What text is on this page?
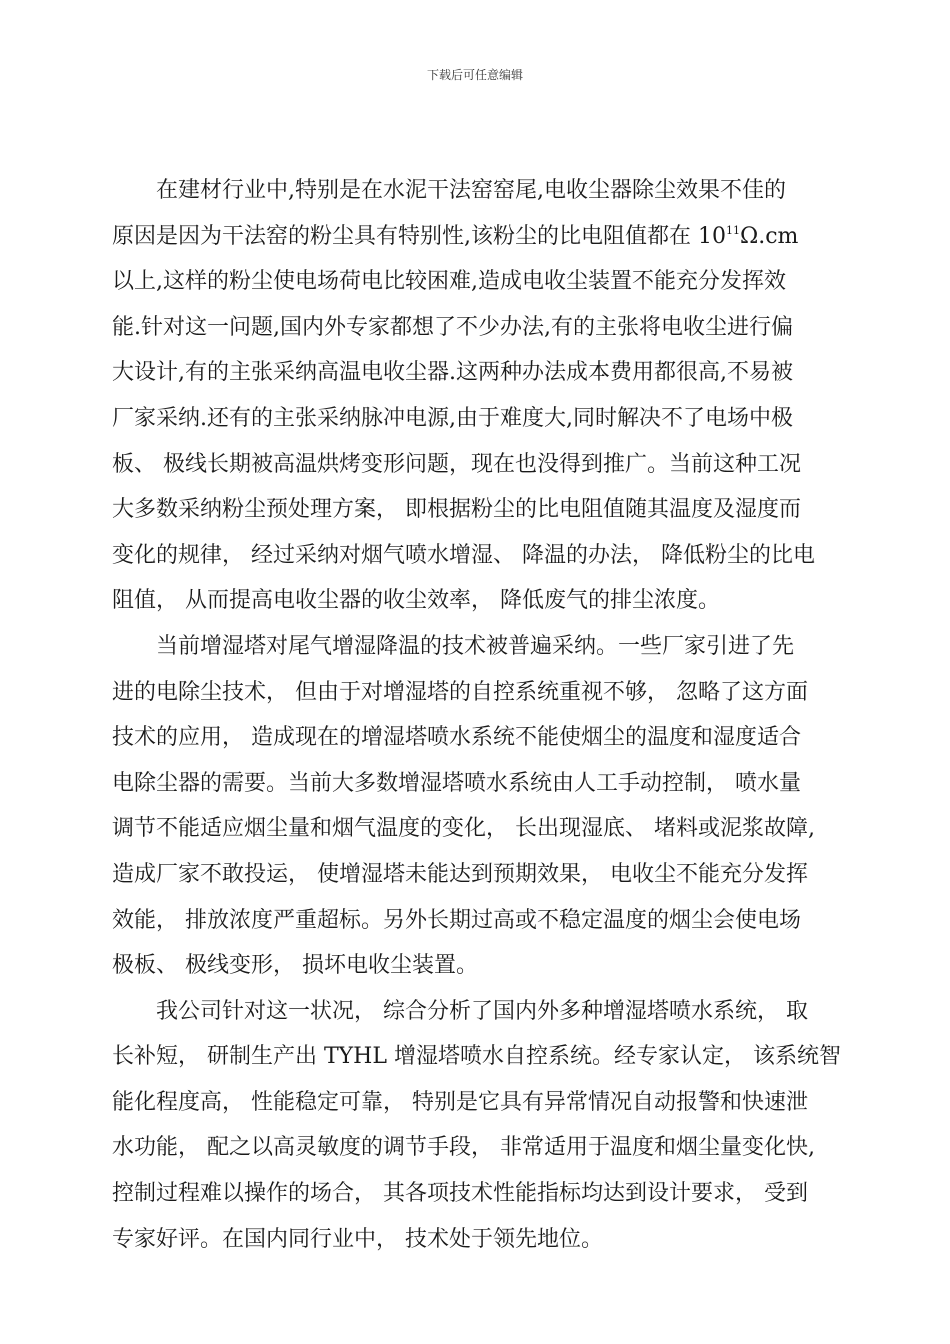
下载后可任意编辑
在建材行业中,特别是在水泥干法窑窑尾,电收尘器除尘效果不佳的
原因是因为干法窑的粉尘具有特别性,该粉尘的比电阻值都在 $10^{11}\Omega.cm$
以上,这样的粉尘使电场荷电比较困难,造成电收尘装置不能充分发挥效
能.针对这一问题,国内外专家都想了不少办法,有的主张将电收尘进行偏
大设计,有的主张采纳高温电收尘器.这两种办法成本费用都很高,不易被
厂家采纳.还有的主张采纳脉冲电源,由于难度大,同时解决不了电场中极
板、 极线长期被高温烘烤变形问题，现在也没得到推广。当前这种工况
大多数采纳粉尘预处理方案， 即根据粉尘的比电阻值随其温度及湿度而
变化的规律， 经过采纳对烟气喷水增湿、 降温的办法， 降低粉尘的比电
阻值， 从而提高电收尘器的收尘效率， 降低废气的排尘浓度。
当前增湿塔对尾气增湿降温的技术被普遍采纳。一些厂家引进了先
进的电除尘技术， 但由于对增湿塔的自控系统重视不够， 忽略了这方面
技术的应用， 造成现在的增湿塔喷水系统不能使烟尘的温度和湿度适合
电除尘器的需要。当前大多数增湿塔喷水系统由人工手动控制， 喷水量
调节不能适应烟尘量和烟气温度的变化， 长出现湿底、 堵料或泥浆故障,
造成厂家不敢投运， 使增湿塔未能达到预期效果， 电收尘不能充分发挥
效能， 排放浓度严重超标。另外长期过高或不稳定温度的烟尘会使电场
极板、 极线变形， 损坏电收尘装置。
我公司针对这一状况， 综合分析了国内外多种增湿塔喷水系统， 取
长补短， 研制生产出 TYHL 增湿塔喷水自控系统。经专家认定， 该系统智
能化程度高， 性能稳定可靠， 特别是它具有异常情况自动报警和快速泄
水功能， 配之以高灵敏度的调节手段， 非常适用于温度和烟尘量变化快,
控制过程难以操作的场合， 其各项技术性能指标均达到设计要求， 受到
专家好评。在国内同行业中， 技术处于领先地位。
